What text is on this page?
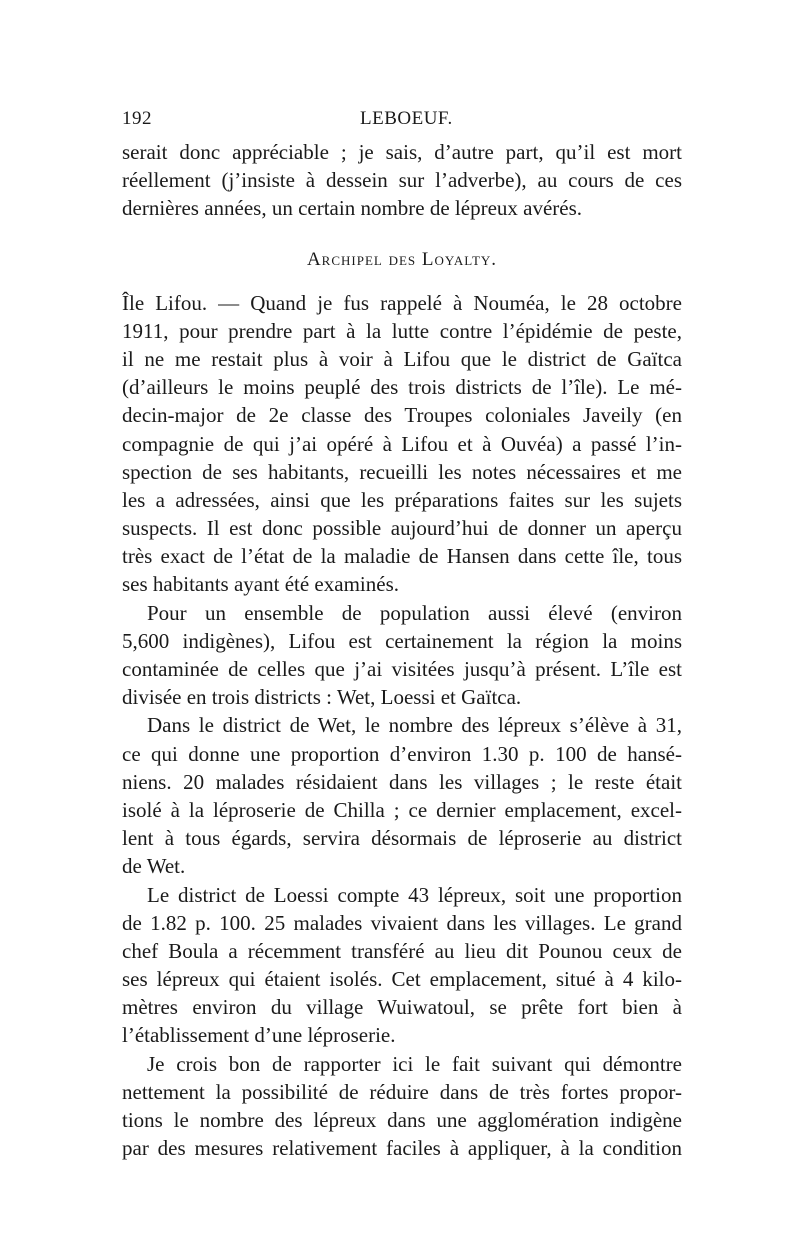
192	LEBOEUF.
serait donc appréciable ; je sais, d’autre part, qu’il est mort
réellement (j’insiste à dessein sur l’adverbe), au cours de ces
dernières années, un certain nombre de lépreux avérés.
Archipel des Loyalty.
Île Lifou. — Quand je fus rappelé à Nouméa, le 28 octobre
1911, pour prendre part à la lutte contre l’épidémie de peste,
il ne me restait plus à voir à Lifou que le district de Gaïtca
(d’ailleurs le moins peuplé des trois districts de l’île). Le mé-
decin-major de 2e classe des Troupes coloniales Javeily (en
compagnie de qui j’ai opéré à Lifou et à Ouvéa) a passé l’in-
spection de ses habitants, recueilli les notes nécessaires et me
les a adressées, ainsi que les préparations faites sur les sujets
suspects. Il est donc possible aujourd’hui de donner un aperçu
très exact de l’état de la maladie de Hansen dans cette île, tous
ses habitants ayant été examinés.
Pour un ensemble de population aussi élevé (environ
5,600 indigènes), Lifou est certainement la région la moins
contaminée de celles que j’ai visitées jusqu’à présent. L’île est
divisée en trois districts : Wet, Loessi et Gaïtca.
Dans le district de Wet, le nombre des lépreux s’élève à 31,
ce qui donne une proportion d’environ 1.30 p. 100 de hansé-
niens. 20 malades résidaient dans les villages ; le reste était
isolé à la léproserie de Chilla ; ce dernier emplacement, excel-
lent à tous égards, servira désormais de léproserie au district
de Wet.
Le district de Loessi compte 43 lépreux, soit une proportion
de 1.82 p. 100. 25 malades vivaient dans les villages. Le grand
chef Boula a récemment transféré au lieu dit Pounou ceux de
ses lépreux qui étaient isolés. Cet emplacement, situé à 4 kilo-
mètres environ du village Wuiwatoul, se prête fort bien à
l’établissement d’une léproserie.
Je crois bon de rapporter ici le fait suivant qui démontre
nettement la possibilité de réduire dans de très fortes propor-
tions le nombre des lépreux dans une agglomération indigène
par des mesures relativement faciles à appliquer, à la condition
